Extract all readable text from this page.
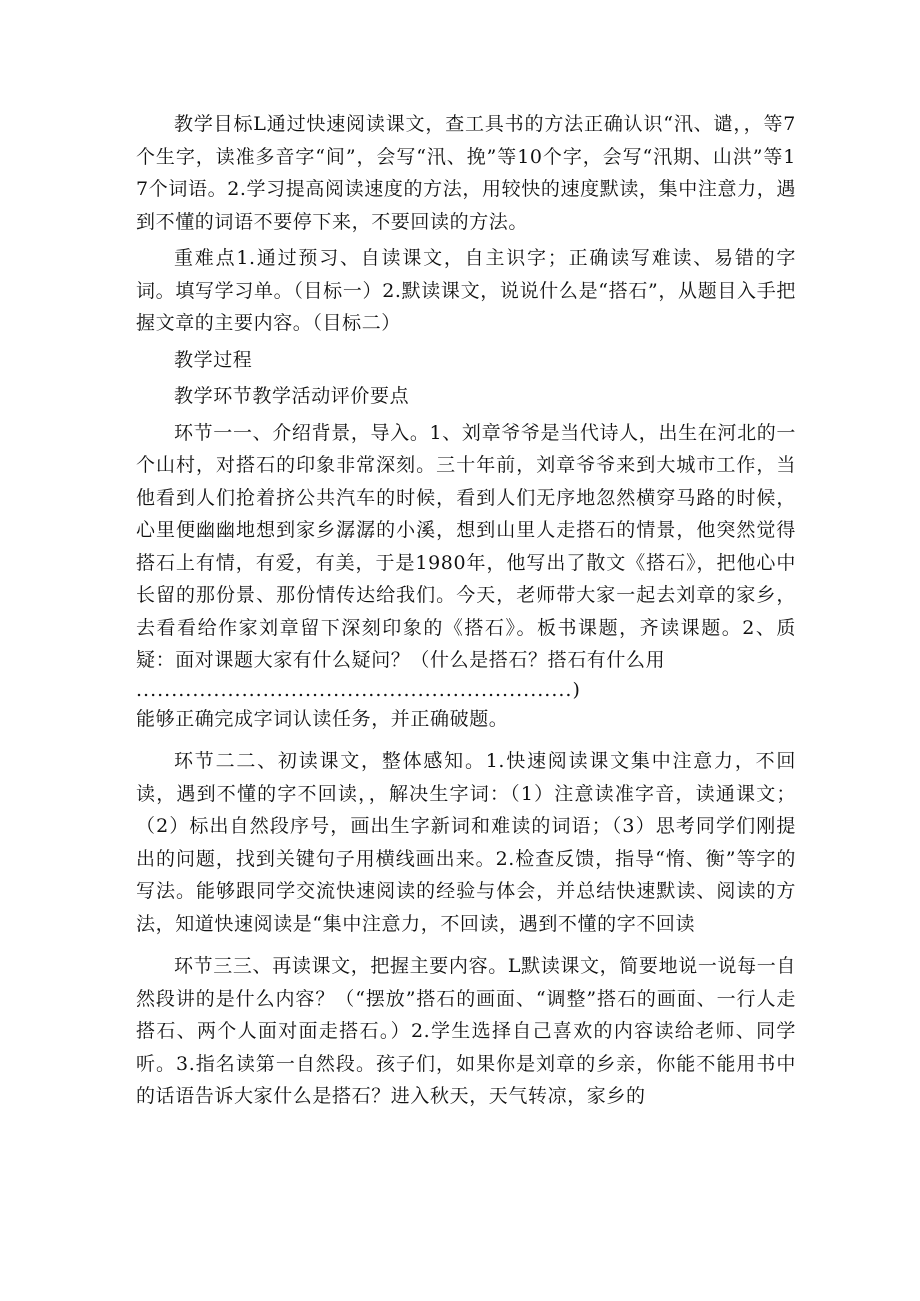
教学目标L通过快速阅读课文，查工具书的方法正确认识“汛、谴，，等7个生字，读准多音字“间”，会写“汛、挽”等10个字，会写“汛期、山洪”等17个词语。2.学习提高阅读速度的方法，用较快的速度默读，集中注意力，遇到不懂的词语不要停下来，不要回读的方法。

重难点1.通过预习、自读课文，自主识字；正确读写难读、易错的字词。填写学习单。（目标一）2.默读课文，说说什么是“搭石”，从题目入手把握文章的主要内容。（目标二）

教学过程

教学环节教学活动评价要点

环节一一、介绍背景，导入。1、刘章爷爷是当代诗人，出生在河北的一个山村，对搭石的印象非常深刻。三十年前，刘章爷爷来到大城市工作，当他看到人们抢着挤公共汽车的时候，看到人们无序地忽然横穿马路的时候，心里便幽幽地想到家乡潺潺的小溪，想到山里人走搭石的情景，他突然觉得搭石上有情，有爱，有美，于是1980年，他写出了散文《搭石》，把他心中长留的那份景、那份情传达给我们。今天，老师带大家一起去刘章的家乡，去看看给作家刘章留下深刻印象的《搭石》。板书课题，齐读课题。2、质疑：面对课题大家有什么疑问？（什么是搭石？搭石有什么用

..............................................................)

能够正确完成字词认读任务，并正确破题。

环节二二、初读课文，整体感知。1.快速阅读课文集中注意力，不回读，遇到不懂的字不回读，，解决生字词：（1）注意读准字音，读通课文；（2）标出自然段序号，画出生字新词和难读的词语；（3）思考同学们刚提出的问题，找到关键句子用横线画出来。2.检查反馈，指导“惰、衡”等字的写法。能够跟同学交流快速阅读的经验与体会，并总结快速默读、阅读的方法，知道快速阅读是“集中注意力，不回读，遇到不懂的字不回读

环节三三、再读课文，把握主要内容。L默读课文，简要地说一说每一自然段讲的是什么内容？（“摆放”搭石的画面、“调整”搭石的画面、一行人走搭石、两个人面对面走搭石。）2.学生选择自己喜欢的内容读给老师、同学听。3.指名读第一自然段。孩子们，如果你是刘章的乡亲，你能不能用书中的话语告诉大家什么是搭石？进入秋天，天气转凉，家乡的
